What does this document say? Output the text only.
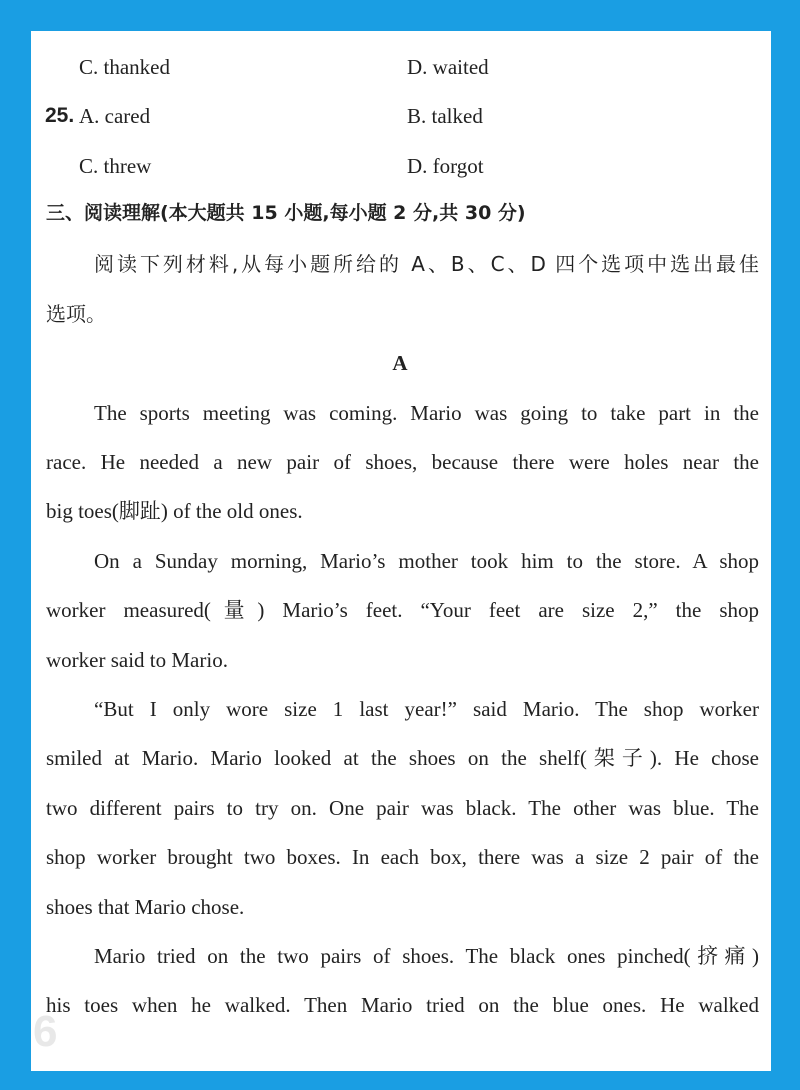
C. thanked	D. waited
25. A. cared	B. talked
C. threw	D. forgot
三、阅读理解(本大题共 15 小题,每小题 2 分,共 30 分)
阅读下列材料,从每小题所给的 A、B、C、D 四个选项中选出最佳
选项。
A
The sports meeting was coming. Mario was going to take part in the
race. He needed a new pair of shoes, because there were holes near the
big toes(脚趾) of the old ones.
On a Sunday morning, Mario’s mother took him to the store. A shop
worker measured(量) Mario’s feet. “Your feet are size 2,” the shop
worker said to Mario.
“But I only wore size 1 last year!” said Mario. The shop worker
smiled at Mario. Mario looked at the shoes on the shelf(架子). He chose
two different pairs to try on. One pair was black. The other was blue. The
shop worker brought two boxes. In each box, there was a size 2 pair of the
shoes that Mario chose.
Mario tried on the two pairs of shoes. The black ones pinched(挤痛)
his toes when he walked. Then Mario tried on the blue ones. He walked
6
